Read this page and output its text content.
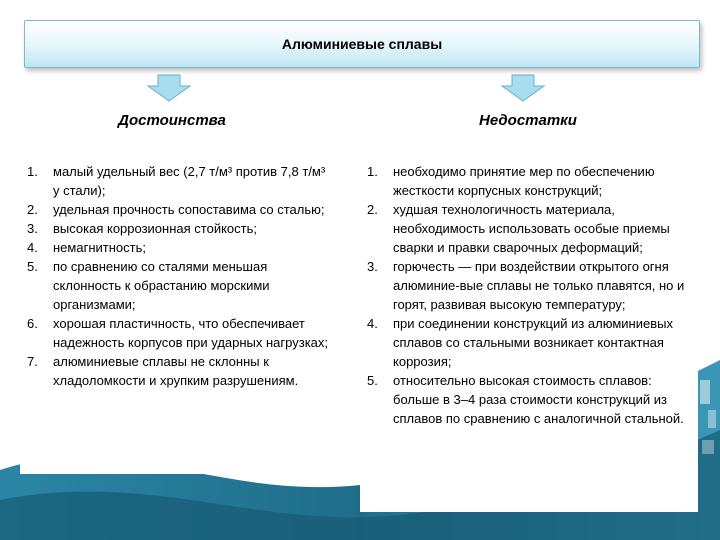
Алюминиевые сплавы
Достоинства	Недостатки
1. малый удельный вес (2,7 т/м³ против 7,8 т/м³ у стали);
2. удельная прочность сопоставима со сталью;
3. высокая коррозионная стойкость;
4. немагнитность;
5. по сравнению со сталями меньшая склонность к обрастанию морскими организмами;
6. хорошая пластичность, что обеспечивает надежность корпусов при ударных нагрузках;
7. алюминиевые сплавы не склонны к хладоломкости и хрупким разрушениям.
1. необходимо принятие мер по обеспечению жесткости корпусных конструкций;
2. худшая технологичность материала, необходимость использовать особые приемы сварки и правки сварочных деформаций;
3. горючесть — при воздействии открытого огня алюминие-вые сплавы не только плавятся, но и горят, развивая высокую температуру;
4. при соединении конструкций из алюминиевых сплавов со стальными возникает контактная коррозия;
5. относительно высокая стоимость сплавов: больше в 3–4 раза стоимости конструкций из сплавов по сравнению с аналогичной стальной.
